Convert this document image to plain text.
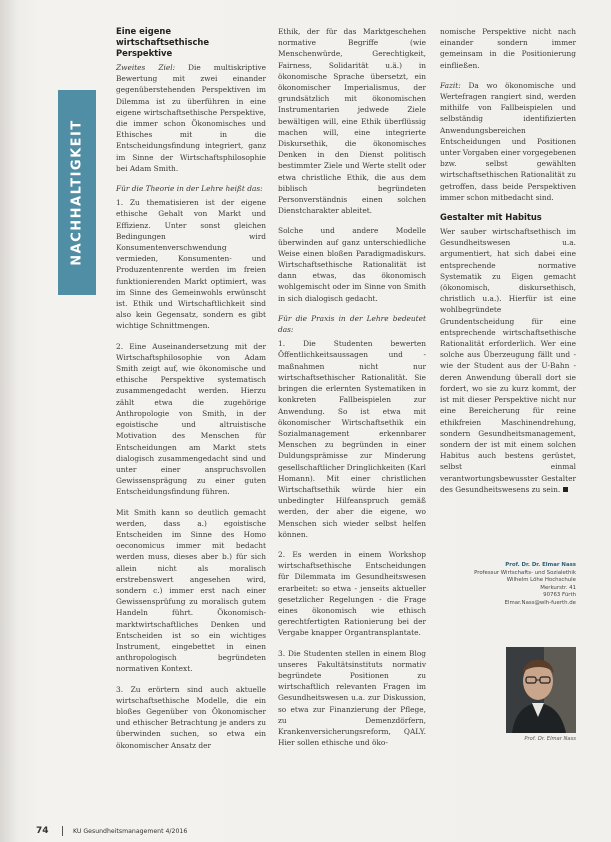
NACHHALTIGKEIT
Eine eigene wirtschaftsethische Perspektive

Zweites Ziel: Die multiskriptive Bewertung mit zwei einander gegenüberstehenden Perspektiven im Dilemma ist zu überführen in eine eigene wirtschaftsethische Perspektive, die immer schon Ökonomisches und Ethisches mit in die Entscheidungsfindung integriert, ganz im Sinne der Wirtschaftsphilosophie bei Adam Smith.

Für die Theorie in der Lehre heißt das:

1. Zu thematisieren ist der eigene ethische Gehalt von Markt und Effizienz. Unter sonst gleichen Bedingungen wird Konsumentenverschwendung vermieden, Konsumenten- und Produzentenrente werden im freien funktionierenden Markt optimiert, was im Sinne des Gemeinwohls erwünscht ist. Ethik und Wirtschaftlichkeit sind also kein Gegensatz, sondern es gibt wichtige Schnittmengen.

2. Eine Auseinandersetzung mit der Wirtschaftsphilosophie von Adam Smith zeigt auf, wie ökonomische und ethische Perspektive systematisch zusammengedacht werden. Hierzu zählt etwa die zugehörige Anthropologie von Smith, in der egoistische und altruistische Motivation des Menschen für Entscheidungen am Markt stets dialogisch zusammengedacht sind und unter einer anspruchsvollen Gewissensprägung zu einer guten Entscheidungsfindung führen.

Mit Smith kann so deutlich gemacht werden, dass a.) egoistische Entscheiden im Sinne des Homo oeconomicus immer mit bedacht werden muss, dieses aber b.) für sich allein nicht als moralisch erstrebenswert angesehen wird, sondern c.) immer erst nach einer Gewissensprüfung zu moralisch gutem Handeln führt. Ökonomisch-marktwirtschaftliches Denken und Entscheiden ist so ein wichtiges Instrument, eingebettet in einen anthropologisch begründeten normativen Kontext.

3. Zu erörtern sind auch aktuelle wirtschaftsethische Modelle, die ein bloßes Gegenüber von Ökonomischer und ethischer Betrachtung je anders zu überwinden suchen, so etwa ein ökonomischer Ansatz der

Ethik, der für das Marktgeschehen normative Begriffe (wie Menschenwürde, Gerechtigkeit, Fairness, Solidarität u.ä.) in ökonomische Sprache übersetzt, ein ökonomischer Imperialismus, der grundsätzlich mit ökonomischen Instrumentarien jedwede Ziele bewältigen will, eine Ethik überflüssig machen will, eine integrierte Diskursethik, die ökonomisches Denken in den Dienst politisch bestimmter Ziele und Werte stellt oder etwa christliche Ethik, die aus dem biblisch begründeten Personverständnis einen solchen Dienstcharakter ableitet.

Solche und andere Modelle überwinden auf ganz unterschiedliche Weise einen bloßen Paradigmadiskurs. Wirtschaftsethische Rationalität ist dann etwas, das ökonomisch wohlgemischt oder im Sinne von Smith in sich dialogisch gedacht.

Für die Praxis in der Lehre bedeutet das:

1. Die Studenten bewerten Öffentlichkeitsaussagen und -maßnahmen nicht nur wirtschaftsethischer Rationalität. Sie bringen die erlernten Systematiken in konkreten Fallbeispielen zur Anwendung. So ist etwa mit ökonomischer Wirtschaftsethik ein Sozialmanagement erkennbarer Menschen zu begründen in einer Duldungsprämisse zur Minderung gesellschaftlicher Dringlichkeiten (Karl Homann). Mit einer christlichen Wirtschaftsethik würde hier ein unbedingter Hilfeanspruch gemäß werden, der aber die eigene, wo Menschen sich wieder selbst helfen können.

2. Es werden in einem Workshop wirtschaftsethische Entscheidungen für Dilemmata im Gesundheitswesen erarbeitet: so etwa - jenseits aktueller gesetzlicher Regelungen - die Frage eines ökonomisch wie ethisch gerechtfertigten Rationierung bei der Vergabe knapper Organtransplantate.

3. Die Studenten stellen in einem Blog unseres Fakultätsinstituts normativ begründete Positionen zu wirtschaftlich relevanten Fragen im Gesundheitswesen u.a. zur Diskussion, so etwa zur Finanzierung der Pflege, zu Demenzdörfern, Krankenversicherungsreform, QALY. Hier sollen ethische und öko-

nomische Perspektive nicht nach einander sondern immer gemeinsam in die Positionierung einfließen.

Fazit: Da wo ökonomische und Wertefragen rangiert sind, werden mithilfe von Fallbeispielen und selbständig identifizierten Anwendungsbereichen Entscheidungen und Positionen unter Vorgaben einer vorgegebenen bzw. selbst gewählten wirtschaftsethischen Rationalität zu getroffen, dass beide Perspektiven immer schon mitbedacht sind.

Gestalter mit Habitus

Wer sauber wirtschaftsethisch im Gesundheitswesen u.a. argumentiert, hat sich dabei eine entsprechende normative Systematik zu Eigen gemacht (ökonomisch, diskursethisch, christlich u.a.). Hierfür ist eine wohlbegründete Grundentscheidung für eine entsprechende wirtschaftsethische Rationalität erforderlich. Wer eine solche aus Überzeugung fällt und - wie der Student aus der U-Bahn - deren Anwendung überall dort sie fordert, wo sie zu kurz kommt, der ist mit dieser Perspektive nicht nur eine Bereicherung für reine ethikfreien Maschinendrehung, sondern Gesundheitsmanagement, sondern der ist mit einem solchen Habitus auch bestens gerüstet, selbst einmal verantwortungsbewusster Gestalter des Gesundheitswesens zu sein.

Prof. Dr. Dr. Elmar Nass
Professur Wirtschafts- und Sozialethik
Wilhelm Löhe Hochschule
Merkurstr. 41
90763 Fürth
Elmar.Nass@wlh-fuerth.de
Prof. Dr. Elmar Nass
74	KU Gesundheitsmanagement 4/2016
